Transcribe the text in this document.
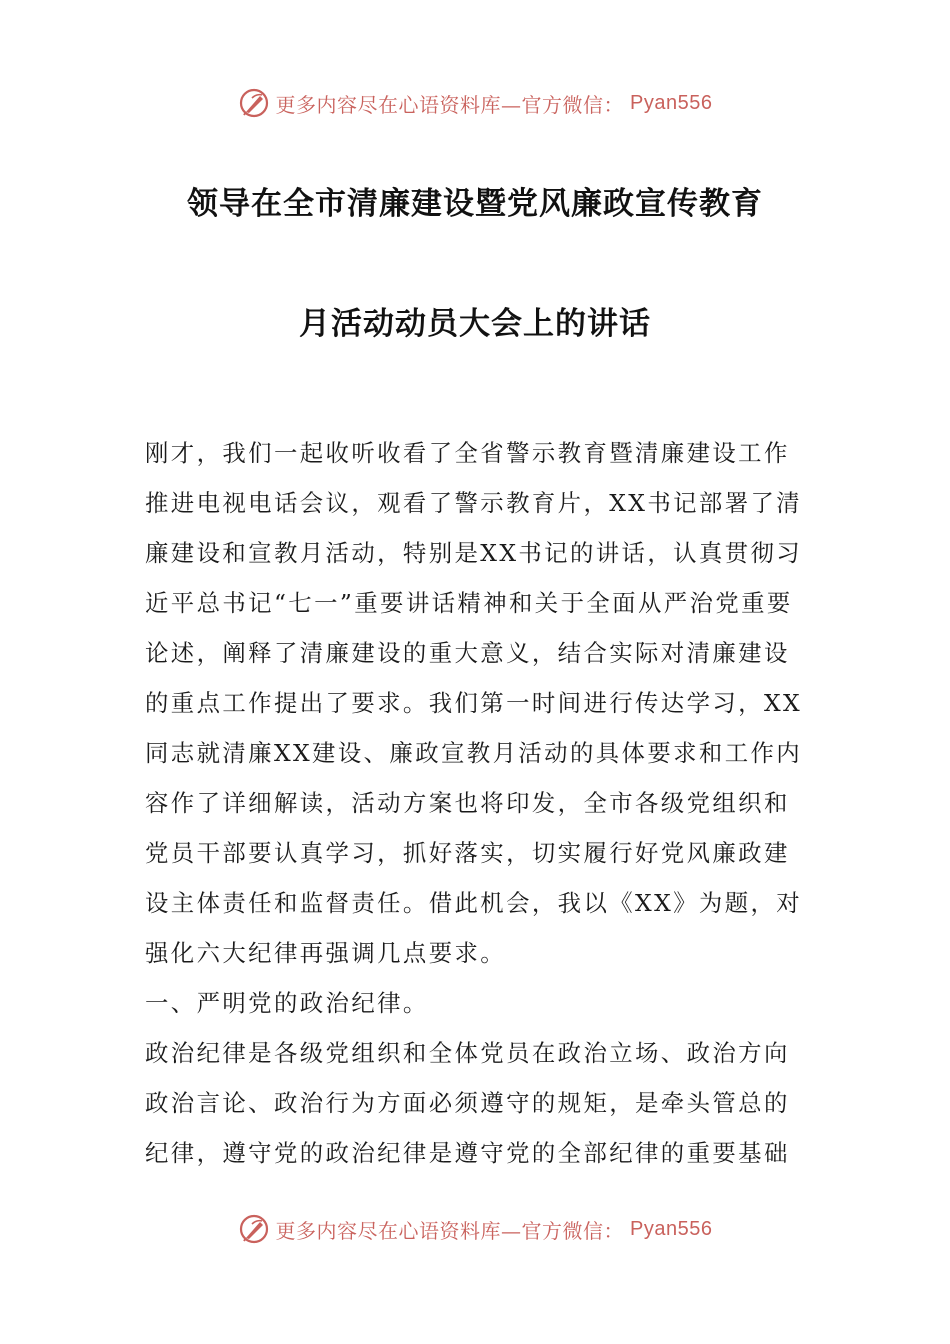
更多内容尽在心语资料库—官方微信： Pyan556
领导在全市清廉建设暨党风廉政宣传教育
月活动动员大会上的讲话

刚才，我们一起收听收看了全省警示教育暨清廉建设工作推进电视电话会议，观看了警示教育片，XX书记部署了清廉建设和宣教月活动，特别是XX书记的讲话，认真贯彻习近平总书记“七一”重要讲话精神和关于全面从严治党重要论述，阐释了清廉建设的重大意义，结合实际对清廉建设的重点工作提出了要求。我们第一时间进行传达学习，XX同志就清廉XX建设、廉政宣教月活动的具体要求和工作内容作了详细解读，活动方案也将印发，全市各级党组织和党员干部要认真学习，抓好落实，切实履行好党风廉政建设主体责任和监督责任。借此机会，我以《XX》为题，对强化六大纪律再强调几点要求。

一、严明党的政治纪律。

政治纪律是各级党组织和全体党员在政治立场、政治方向政治言论、政治行为方面必须遵守的规矩，是牵头管总的纪律，遵守党的政治纪律是遵守党的全部纪律的重要基础

更多内容尽在心语资料库—官方微信： Pyan556
